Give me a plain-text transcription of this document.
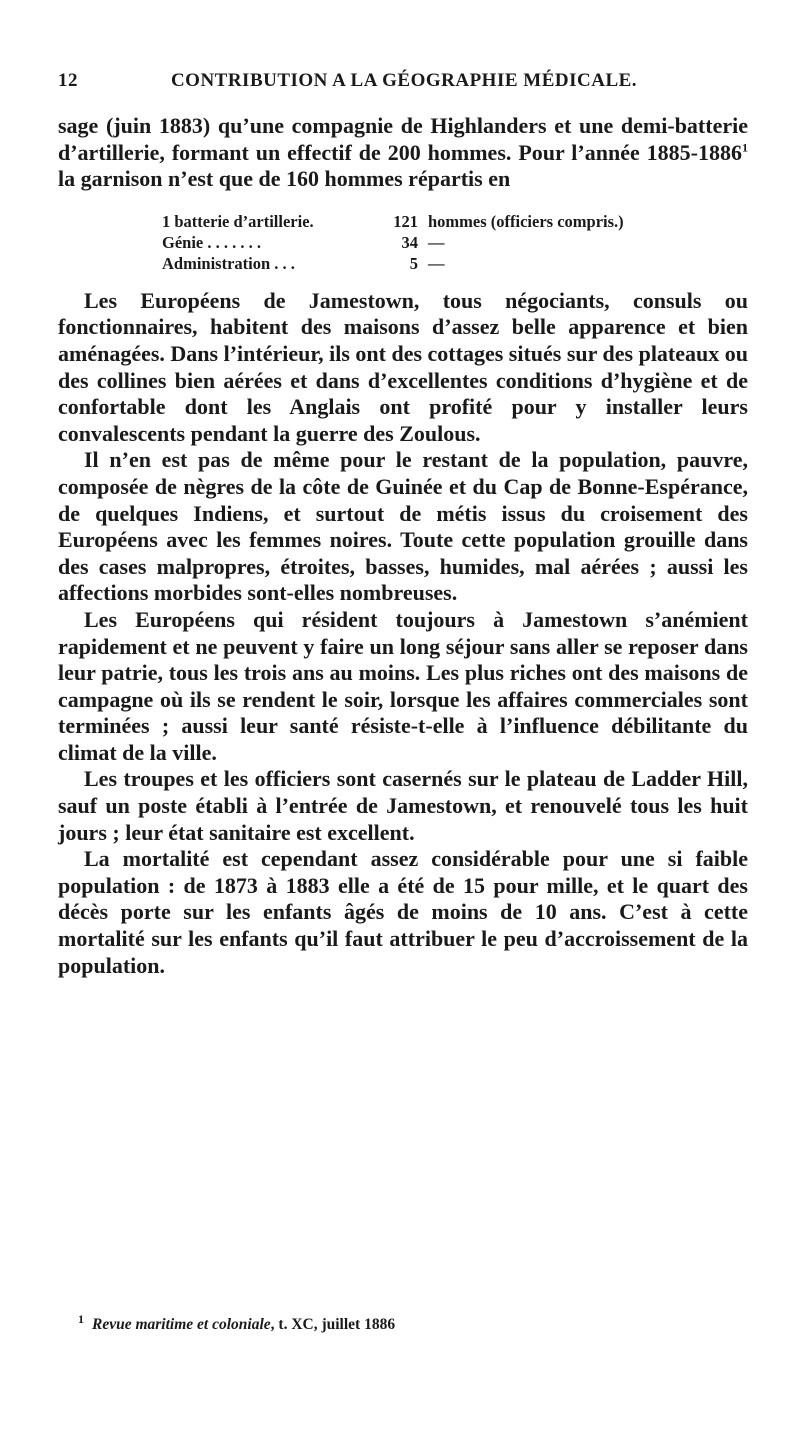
12	CONTRIBUTION A LA GÉOGRAPHIE MÉDICALE.

sage (juin 1883) qu’une compagnie de Highlanders et une demi-batterie d’artillerie, formant un effectif de 200 hommes. Pour l’année 1885-1886$^1$ la garnison n’est que de 160 hommes répartis en

1 batterie d’artillerie.	121 hommes (officiers compris.)
Génie . . . . . . .	34 —
Administration . . .	5 —

Les Européens de Jamestown, tous négociants, consuls ou fonctionnaires, habitent des maisons d’assez belle apparence et bien aménagées. Dans l’intérieur, ils ont des cottages situés sur des plateaux ou des collines bien aérées et dans d’excellentes conditions d’hygiène et de confortable dont les Anglais ont profité pour y installer leurs convalescents pendant la guerre des Zoulous.

Il n’en est pas de même pour le restant de la population, pauvre, composée de nègres de la côte de Guinée et du Cap de Bonne-Espérance, de quelques Indiens, et surtout de métis issus du croisement des Européens avec les femmes noires. Toute cette population grouille dans des cases malpropres, étroites, basses, humides, mal aérées ; aussi les affections morbides sont-elles nombreuses.

Les Européens qui résident toujours à Jamestown s’anémient rapidement et ne peuvent y faire un long séjour sans aller se reposer dans leur patrie, tous les trois ans au moins. Les plus riches ont des maisons de campagne où ils se rendent le soir, lorsque les affaires commerciales sont terminées ; aussi leur santé résiste-t-elle à l’influence débilitante du climat de la ville.

Les troupes et les officiers sont casernés sur le plateau de Ladder Hill, sauf un poste établi à l’entrée de Jamestown, et renouvelé tous les huit jours ; leur état sanitaire est excellent.

La mortalité est cependant assez considérable pour une si faible population : de 1873 à 1883 elle a été de 15 pour mille, et le quart des décès porte sur les enfants âgés de moins de 10 ans. C’est à cette mortalité sur les enfants qu’il faut attribuer le peu d’accroissement de la population.

$^1$ Revue maritime et coloniale, t. XC, juillet 1886
